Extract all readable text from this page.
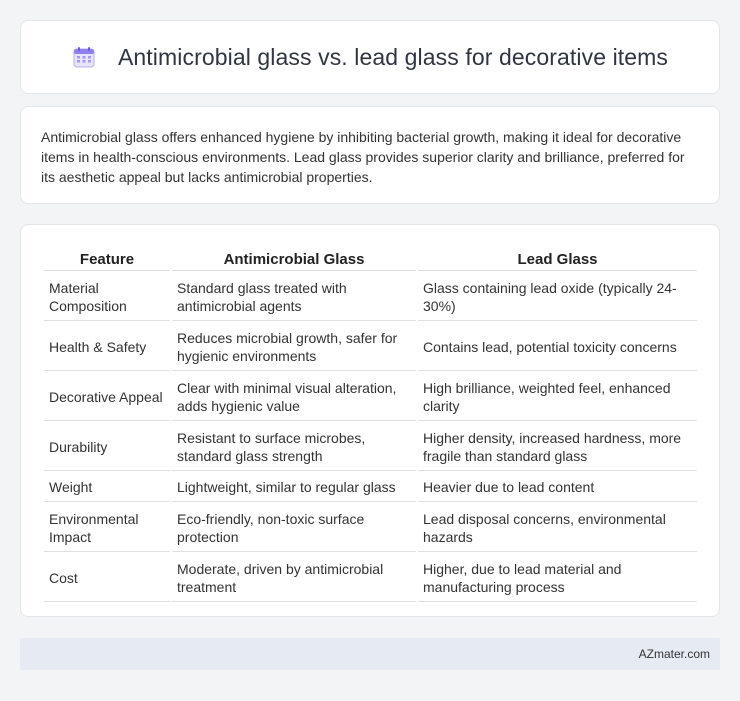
Antimicrobial glass vs. lead glass for decorative items

Antimicrobial glass offers enhanced hygiene by inhibiting bacterial growth, making it ideal for decorative items in health-conscious environments. Lead glass provides superior clarity and brilliance, preferred for its aesthetic appeal but lacks antimicrobial properties.

Feature	Antimicrobial Glass	Lead Glass
Material Composition	Standard glass treated with antimicrobial agents	Glass containing lead oxide (typically 24-30%)
Health & Safety	Reduces microbial growth, safer for hygienic environments	Contains lead, potential toxicity concerns
Decorative Appeal	Clear with minimal visual alteration, adds hygienic value	High brilliance, weighted feel, enhanced clarity
Durability	Resistant to surface microbes, standard glass strength	Higher density, increased hardness, more fragile than standard glass
Weight	Lightweight, similar to regular glass	Heavier due to lead content
Environmental Impact	Eco-friendly, non-toxic surface protection	Lead disposal concerns, environmental hazards
Cost	Moderate, driven by antimicrobial treatment	Higher, due to lead material and manufacturing process
AZmater.com
